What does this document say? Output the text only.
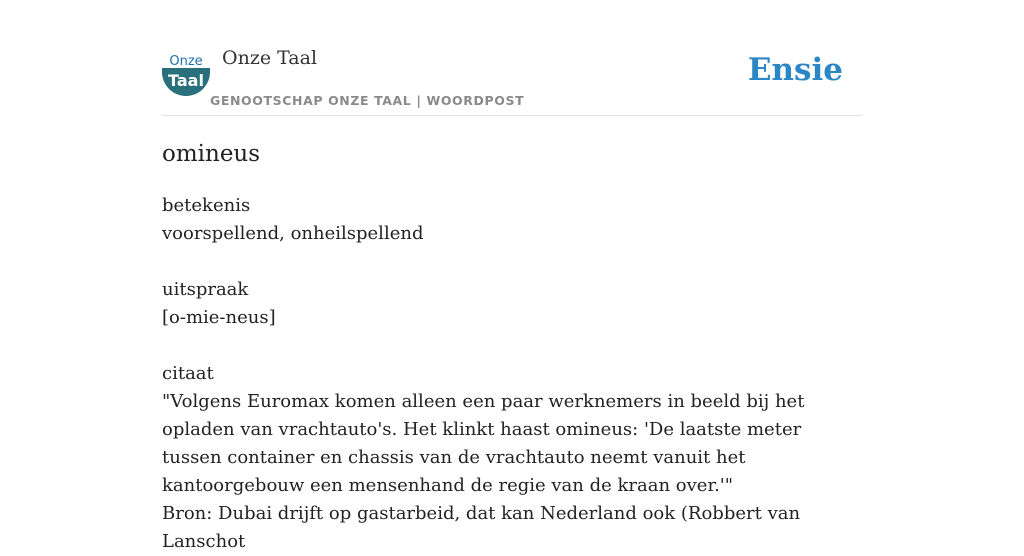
Onze
Taal
Onze Taal
GENOOTSCHAP ONZE TAAL | WOORDPOST
Ensie
omineus

betekenis

voorspellend, onheilspellend

uitspraak

[o-mie-neus]

citaat

"Volgens Euromax komen alleen een paar werknemers in beeld bij het opladen van vrachtauto's. Het klinkt haast omineus: 'De laatste meter tussen container en chassis van de vrachtauto neemt vanuit het kantoorgebouw een mensenhand de regie van de kraan over.'"

Bron: Dubai drijft op gastarbeid, dat kan Nederland ook (Robbert van Lanschot
